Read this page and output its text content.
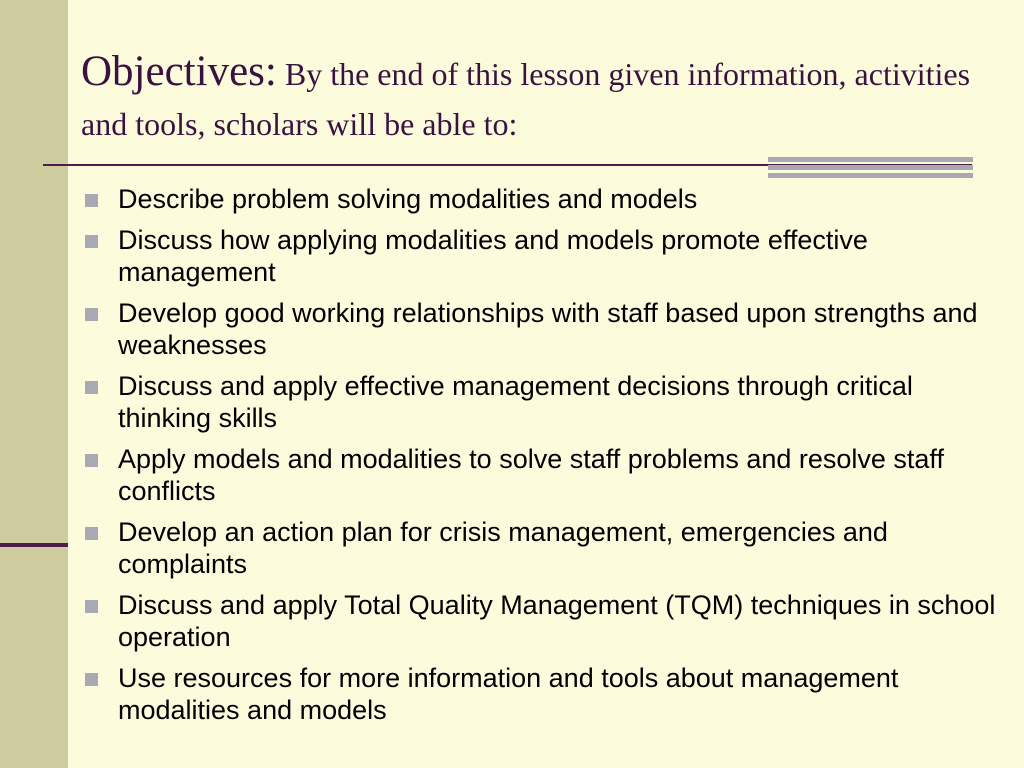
Objectives: By the end of this lesson given information, activities and tools, scholars will be able to:
Describe problem solving modalities and models
Discuss how applying modalities and models promote effective management
Develop good working relationships with staff based upon strengths and weaknesses
Discuss and apply effective management decisions through critical thinking skills
Apply models and modalities to solve staff problems and resolve staff conflicts
Develop an action plan for crisis management, emergencies and complaints
Discuss and apply Total Quality Management (TQM) techniques in school operation
Use resources for more information and tools about management modalities and models
